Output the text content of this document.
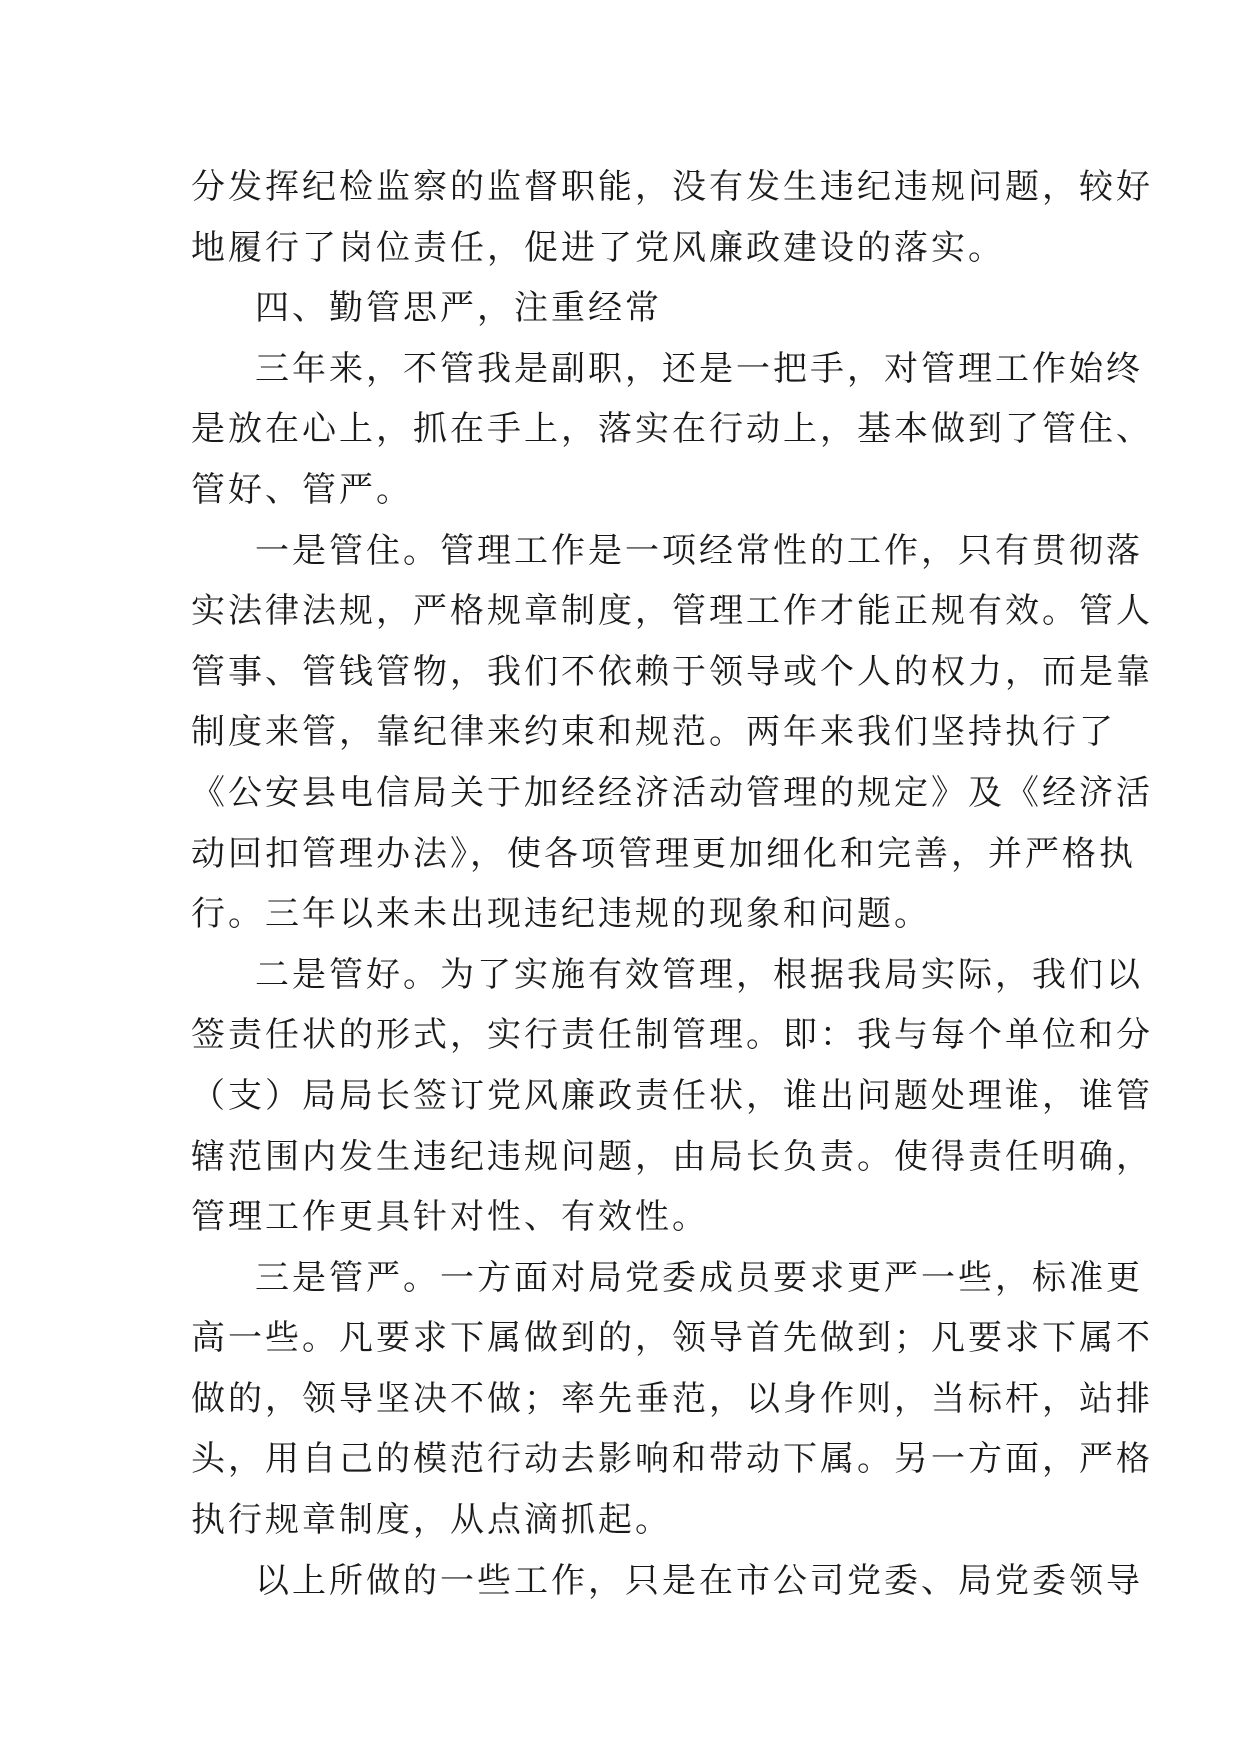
分发挥纪检监察的监督职能，没有发生违纪违规问题，较好
地履行了岗位责任，促进了党风廉政建设的落实。
四、勤管思严，注重经常
三年来，不管我是副职，还是一把手，对管理工作始终
是放在心上，抓在手上，落实在行动上，基本做到了管住、
管好、管严。
一是管住。管理工作是一项经常性的工作，只有贯彻落
实法律法规，严格规章制度，管理工作才能正规有效。管人
管事、管钱管物，我们不依赖于领导或个人的权力，而是靠
制度来管，靠纪律来约束和规范。两年来我们坚持执行了
《公安县电信局关于加经经济活动管理的规定》及《经济活
动回扣管理办法》，使各项管理更加细化和完善，并严格执
行。三年以来未出现违纪违规的现象和问题。
二是管好。为了实施有效管理，根据我局实际，我们以
签责任状的形式，实行责任制管理。即：我与每个单位和分
（支）局局长签订党风廉政责任状，谁出问题处理谁，谁管
辖范围内发生违纪违规问题，由局长负责。使得责任明确，
管理工作更具针对性、有效性。
三是管严。一方面对局党委成员要求更严一些，标准更
高一些。凡要求下属做到的，领导首先做到；凡要求下属不
做的，领导坚决不做；率先垂范，以身作则，当标杆，站排
头，用自己的模范行动去影响和带动下属。另一方面，严格
执行规章制度，从点滴抓起。
以上所做的一些工作，只是在市公司党委、局党委领导
